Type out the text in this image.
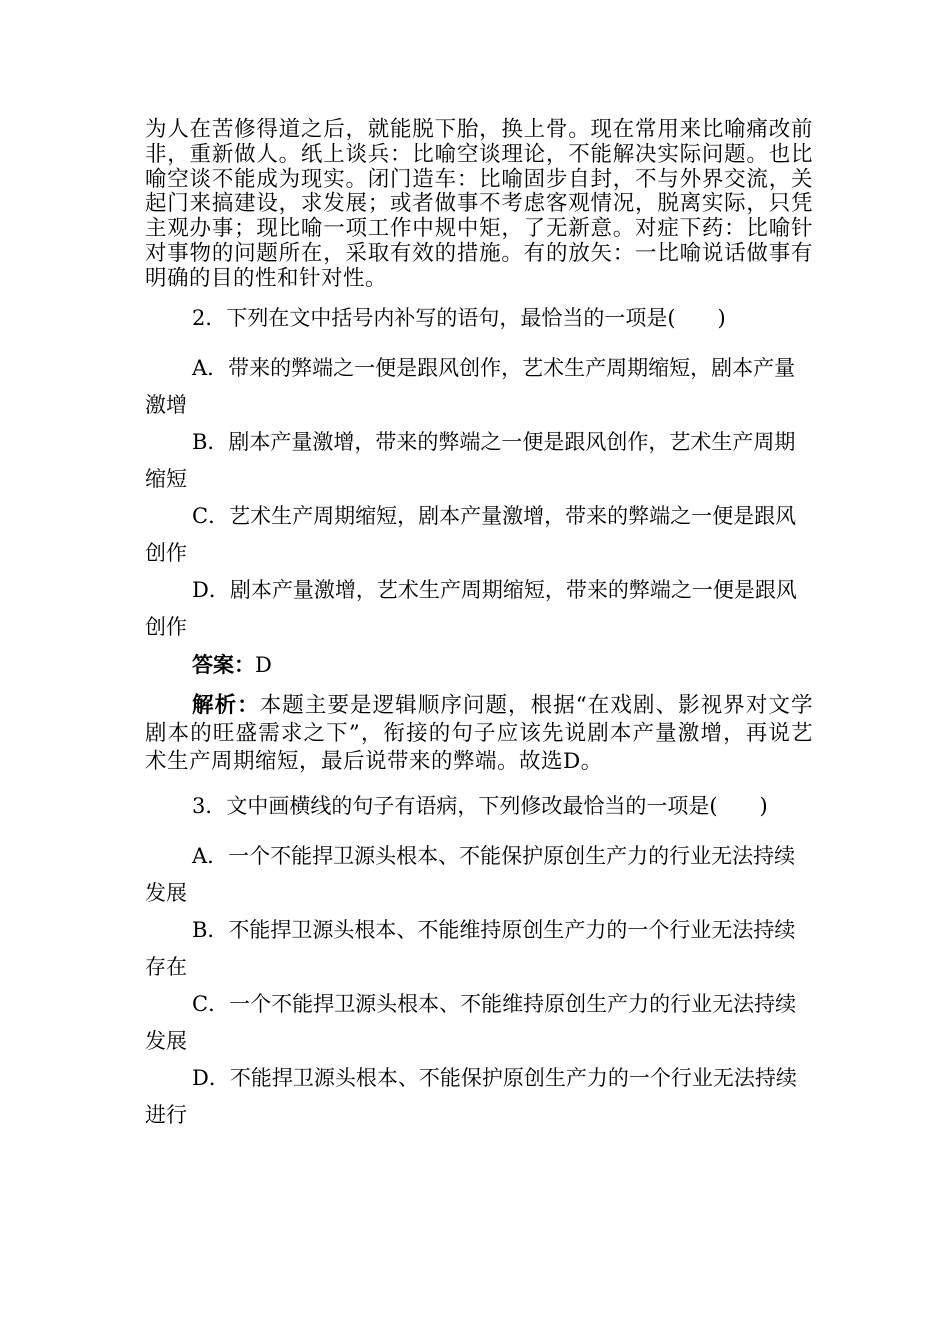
为人在苦修得道之后，就能脱下胎，换上骨。现在常用来比喻痛改前非，重新做人。纸上谈兵：比喻空谈理论，不能解决实际问题。也比喻空谈不能成为现实。闭门造车：比喻固步自封，不与外界交流，关起门来搞建设，求发展；或者做事不考虑客观情况，脱离实际，只凭主观办事；现比喻一项工作中规中矩，了无新意。对症下药：比喻针对事物的问题所在，采取有效的措施。有的放矢：一比喻说话做事有明确的目的性和针对性。

2．下列在文中括号内补写的语句，最恰当的一项是(　　)

A．带来的弊端之一便是跟风创作，艺术生产周期缩短，剧本产量激增

B．剧本产量激增，带来的弊端之一便是跟风创作，艺术生产周期缩短

C．艺术生产周期缩短，剧本产量激增，带来的弊端之一便是跟风创作

D．剧本产量激增，艺术生产周期缩短，带来的弊端之一便是跟风创作

答案：D

解析：本题主要是逻辑顺序问题，根据“在戏剧、影视界对文学剧本的旺盛需求之下”，衔接的句子应该先说剧本产量激增，再说艺术生产周期缩短，最后说带来的弊端。故选D。

3．文中画横线的句子有语病，下列修改最恰当的一项是(　　)

A．一个不能捍卫源头根本、不能保护原创生产力的行业无法持续发展

B．不能捍卫源头根本、不能维持原创生产力的一个行业无法持续存在

C．一个不能捍卫源头根本、不能维持原创生产力的行业无法持续发展

D．不能捍卫源头根本、不能保护原创生产力的一个行业无法持续进行
